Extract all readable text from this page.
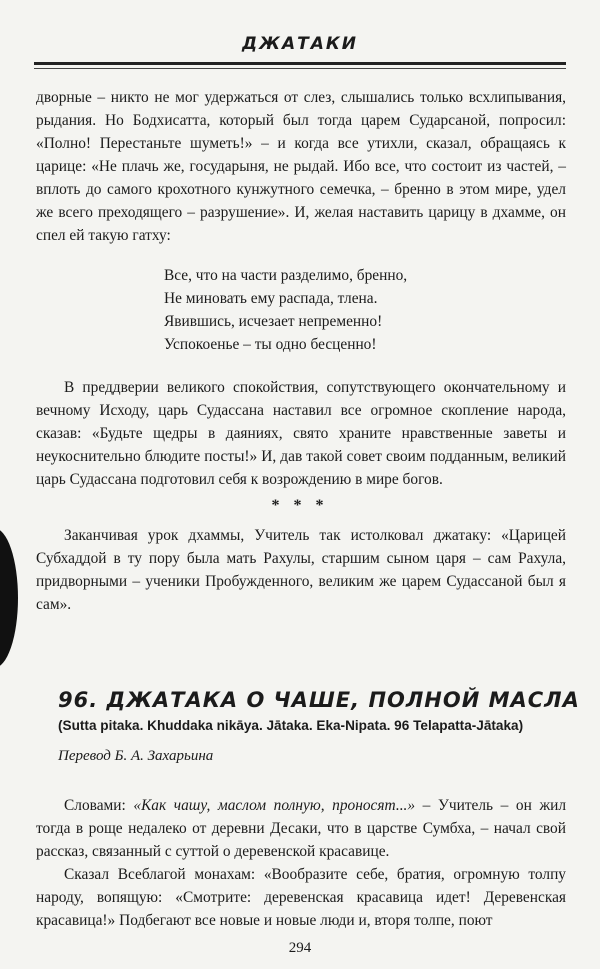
ДЖАТАКИ

дворные – никто не мог удержаться от слез, слышались только всхлипывания, рыдания. Но Бодхисатта, который был тогда царем Сударсаной, попросил: «Полно! Перестаньте шуметь!» – и когда все утихли, сказал, обращаясь к царице: «Не плачь же, государыня, не рыдай. Ибо все, что состоит из частей, – вплоть до самого крохотного кунжутного семечка, – бренно в этом мире, удел же всего преходящего – разрушение». И, желая наставить царицу в дхамме, он спел ей такую гатху:

Все, что на части разделимо, бренно,
Не миновать ему распада, тлена.
Явившись, исчезает непременно!
Успокоенье – ты одно бесценно!

В преддверии великого спокойствия, сопутствующего окончательному и вечному Исходу, царь Судассана наставил все огромное скопление народа, сказав: «Будьте щедры в даяниях, свято храните нравственные заветы и неукоснительно блюдите посты!» И, дав такой совет своим подданным, великий царь Судассана подготовил себя к возрождению в мире богов.

* * *

Заканчивая урок дхаммы, Учитель так истолковал джатаку: «Царицей Субхаддой в ту пору была мать Рахулы, старшим сыном царя – сам Рахула, придворными – ученики Пробужденного, великим же царем Судассаной был я сам».

96. ДЖАТАКА О ЧАШЕ, ПОЛНОЙ МАСЛА
(Sutta pitaka. Khuddaka nikāya. Jātaka. Eka-Nipata. 96 Telapatta-Jātaka)
Перевод Б. А. Захарьина

Словами: «Как чашу, маслом полную, проносят...» – Учитель – он жил тогда в роще недалеко от деревни Десаки, что в царстве Сумбха, – начал свой рассказ, связанный с суттой о деревенской красавице.

Сказал Всеблагой монахам: «Вообразите себе, братия, огромную толпу народу, вопящую: «Смотрите: деревенская красавица идет! Деревенская красавица!» Подбегают все новые и новые люди и, вторя толпе, поют

294
